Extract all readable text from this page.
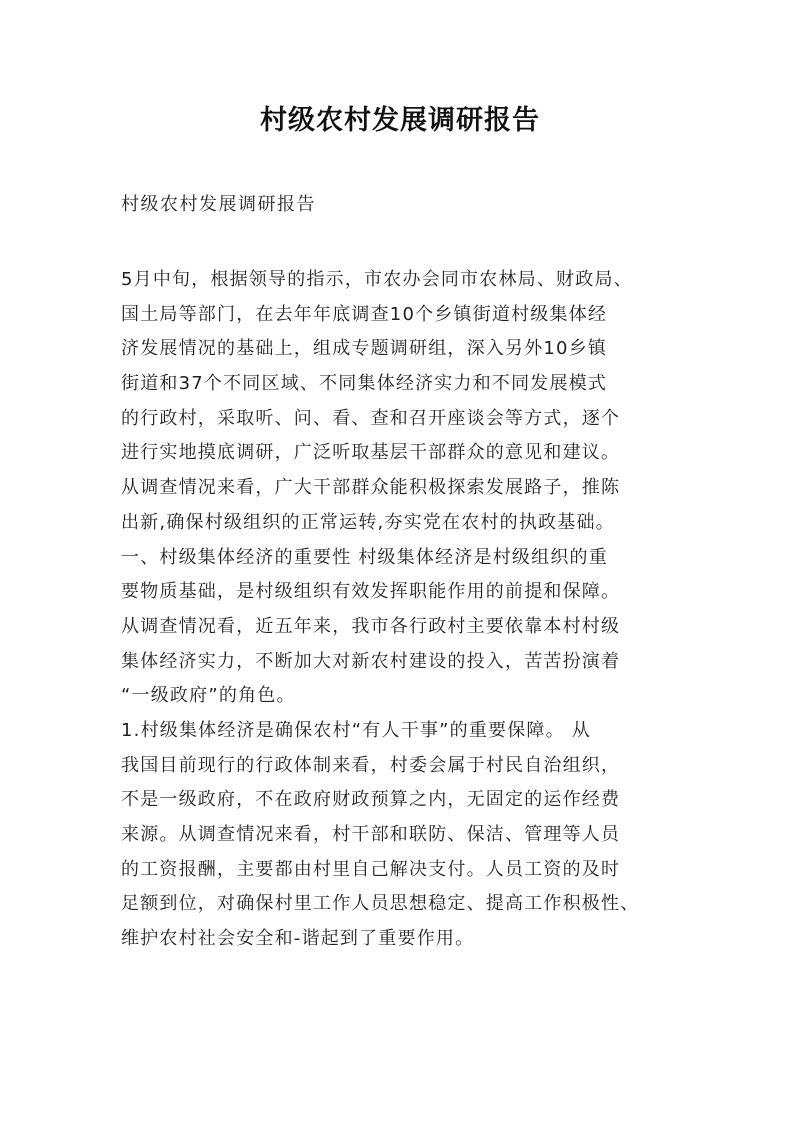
村级农村发展调研报告

村级农村发展调研报告

5月中旬，根据领导的指示，市农办会同市农林局、财政局、
国土局等部门，在去年年底调查10个乡镇街道村级集体经
济发展情况的基础上，组成专题调研组，深入另外10乡镇
街道和37个不同区域、不同集体经济实力和不同发展模式
的行政村，采取听、问、看、查和召开座谈会等方式，逐个
进行实地摸底调研，广泛听取基层干部群众的意见和建议。
从调查情况来看，广大干部群众能积极探索发展路子，推陈
出新,确保村级组织的正常运转,夯实党在农村的执政基础。
一、村级集体经济的重要性 村级集体经济是村级组织的重
要物质基础，是村级组织有效发挥职能作用的前提和保障。
从调查情况看，近五年来，我市各行政村主要依靠本村村级
集体经济实力，不断加大对新农村建设的投入，苦苦扮演着
“一级政府”的角色。
1.村级集体经济是确保农村“有人干事”的重要保障。 从
我国目前现行的行政体制来看，村委会属于村民自治组织，
不是一级政府，不在政府财政预算之内，无固定的运作经费
来源。从调查情况来看，村干部和联防、保洁、管理等人员
的工资报酬，主要都由村里自己解决支付。人员工资的及时
足额到位，对确保村里工作人员思想稳定、提高工作积极性、
维护农村社会安全和-谐起到了重要作用。
